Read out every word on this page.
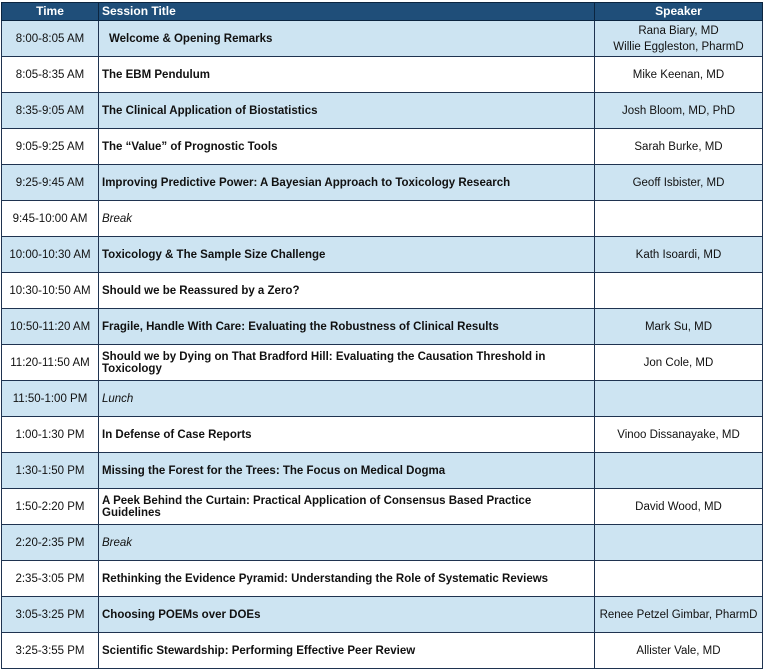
Time	Session Title	Speaker
8:00-8:05 AM	Welcome & Opening Remarks	Rana Biary, MD
Willie Eggleston, PharmD

8:05-8:35 AM	The EBM Pendulum	Mike Keenan, MD

8:35-9:05 AM	The Clinical Application of Biostatistics	Josh Bloom, MD, PhD

9:05-9:25 AM	The “Value” of Prognostic Tools	Sarah Burke, MD

9:25-9:45 AM	Improving Predictive Power: A Bayesian Approach to Toxicology Research	Geoff Isbister, MD

9:45-10:00 AM	Break	
10:00-10:30 AM	Toxicology & The Sample Size Challenge	Kath Isoardi, MD

10:30-10:50 AM	Should we be Reassured by a Zero?	
10:50-11:20 AM	Fragile, Handle With Care: Evaluating the Robustness of Clinical Results	Mark Su, MD

11:20-11:50 AM	Should we by Dying on That Bradford Hill: Evaluating the Causation Threshold in Toxicology	Jon Cole, MD

11:50-1:00 PM	Lunch	
1:00-1:30 PM	In Defense of Case Reports	Vinoo Dissanayake, MD

1:30-1:50 PM	Missing the Forest for the Trees: The Focus on Medical Dogma	
1:50-2:20 PM	A Peek Behind the Curtain: Practical Application of Consensus Based Practice Guidelines	David Wood, MD

2:20-2:35 PM	Break	
2:35-3:05 PM	Rethinking the Evidence Pyramid: Understanding the Role of Systematic Reviews	
3:05-3:25 PM	Choosing POEMs over DOEs	Renee Petzel Gimbar, PharmD

3:25-3:55 PM	Scientific Stewardship: Performing Effective Peer Review	Allister Vale, MD
